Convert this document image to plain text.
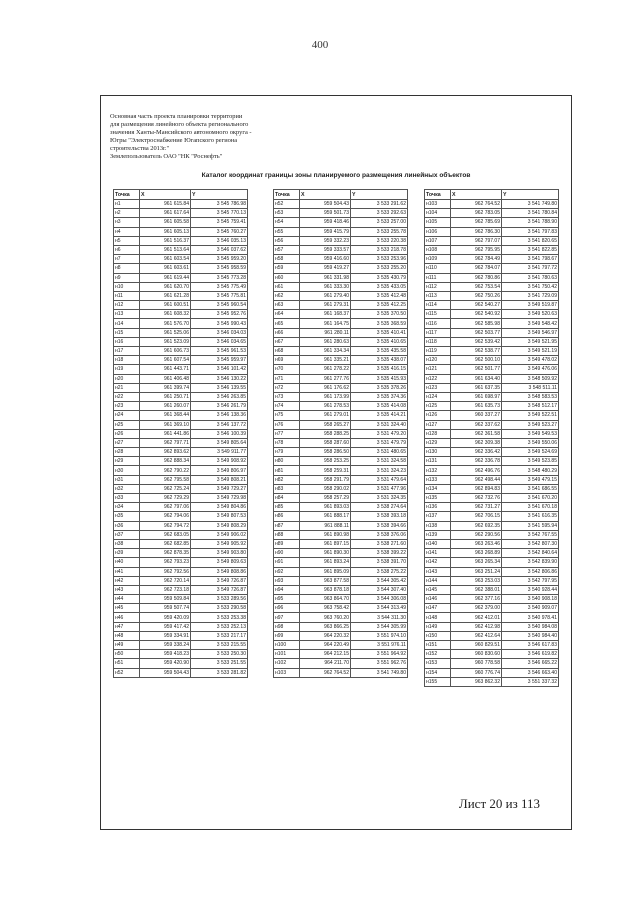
400
Основная часть проекта планировки территории
для размещения линейного объекта регионального
значения Ханты-Мансийского автономного округа -
Югры "Электроснабжение Югапского региона
строительства 2013г."
Землепользователь ОАО "НК "Роснефть"
Каталог координат границы зоны планируемого размещения линейных объектов
Точка	X	Y
н1	961 615.84	3 545 786.98
н2	961 617.64	3 545 770.13
н3	961 605.58	3 545 759.41
н4	961 605.13	3 545 760.27
н5	961 516.37	3 546 035.13
н6	961 513.64	3 546 037.62
н7	961 603.54	3 545 959.20
н8	961 603.61	3 545 958.59
н9	961 619.44	3 545 773.28
н10	961 620.70	3 545 775.49
н11	961 621.28	3 545 775.81
н12	961 600.51	3 545 960.54
н13	961 608.32	3 545 952.76
н14	961 576.70	3 545 990.43
н15	961 525.06	3 546 034.03
н16	961 523.09	3 546 034.65
н17	961 606.73	3 545 961.53
н18	961 607.54	3 545 959.97
н19	961 443.71	3 546 101.42
н20	961 406.48	3 546 130.22
н21	961 399.74	3 546 139.55
н22	961 250.71	3 546 263.85
н23	961 260.07	3 546 261.79
н24	961 368.44	3 546 138.36
н25	961 369.10	3 546 137.72
н26	961 441.86	3 546 100.39
н27	962 797.71	3 549 805.64
н28	962 893.62	3 549 911.77
н29	962 888.34	3 549 908.92
н30	962 790.22	3 549 806.97
н31	962 795.58	3 549 808.21
н32	962 725.24	3 549 729.27
н33	962 729.29	3 549 729.98
н34	962 797.06	3 549 804.86
н35	962 794.06	3 549 807.53
н36	962 794.72	3 549 808.29
н37	962 683.05	3 549 906.02
н38	962 682.85	3 549 905.92
н39	962 878.35	3 549 903.80
н40	962 793.23	3 549 809.63
н41	962 792.56	3 549 808.86
н42	962 720.14	3 549 726.87
н43	962 723.18	3 549 726.87
н44	959 509.84	3 533 289.56
н45	959 507.74	3 533 290.58
н46	959 420.09	3 533 253.38
н47	959 417.42	3 533 252.13
н48	959 334.91	3 533 217.17
н49	959 338.24	3 533 215.55
н50	959 418.23	3 533 250.30
н51	959 420.90	3 533 251.55
н52	959 504.43	3 533 281.82
Точка	X	Y
н52	959 504.43	3 533 291.62
н53	959 501.73	3 533 292.63
н54	959 418.46	3 533 257.00
н55	959 415.79	3 533 255.78
н56	959 332.23	3 533 220.38
н57	959 333.57	3 533 218.78
н58	959 416.60	3 533 253.96
н59	959 419.27	3 533 255.20
н60	961 331.98	3 535 430.79
н61	961 333.30	3 535 433.05
н62	961 279.40	3 535 412.48
н63	961 279.31	3 535 412.25
н64	961 168.37	3 535 370.50
н65	961 164.75	3 535 368.59
н66	961 280.11	3 535 410.41
н67	961 280.63	3 535 410.65
н68	961 334.34	3 535 435.58
н69	961 335.21	3 535 438.07
н70	961 278.22	3 535 416.15
н71	961 277.76	3 535 415.93
н72	961 176.62	3 535 378.26
н73	961 173.99	3 535 374.36
н74	961 278.53	3 535 414.08
н75	961 279.01	3 535 414.21
н76	958 265.27	3 531 324.40
н77	958 288.25	3 531 479.20
н78	958 287.60	3 531 479.79
н79	958 286.50	3 531 480.65
н80	958 253.25	3 531 324.58
н81	958 259.31	3 531 324.23
н82	958 291.79	3 531 479.64
н83	958 290.02	3 531 477.96
н84	958 257.29	3 531 324.35
н85	961 893.03	3 538 274.64
н86	961 888.17	3 538 393.18
н87	961 888.11	3 538 394.66
н88	961 890.98	3 538 376.06
н89	961 897.15	3 538 271.60
н90	961 890.30	3 538 399.22
н91	961 893.24	3 538 391.70
н92	961 895.09	3 538 275.22
н93	963 877.58	3 544 305.42
н94	963 878.18	3 544 307.40
н95	963 864.70	3 544 306.08
н96	963 758.42	3 544 313.49
н97	963 760.20	3 544 311.30
н98	963 866.25	3 544 305.99
н99	964 220.32	3 551 974.10
н100	964 220.49	3 551 976.11
н101	964 212.15	3 551 964.92
н102	964 211.70	3 551 962.76
н103	962 764.52	3 541 749.80
Точка	X	Y
н103	962 764.52	3 541 749.80
н104	962 783.05	3 541 780.84
н105	962 785.69	3 541 788.90
н106	962 786.30	3 541 797.83
н107	962 797.07	3 541 820.65
н108	962 795.95	3 541 822.85
н109	962 784.49	3 541 798.67
н110	962 784.07	3 541 797.72
н111	962 780.86	3 541 780.63
н112	962 753.54	3 541 750.42
н113	962 750.26	3 541 729.09
н114	962 540.27	3 549 519.87
н115	962 540.92	3 549 520.63
н116	962 585.98	3 549 548.42
н117	962 503.77	3 549 546.97
н118	962 539.42	3 549 521.95
н119	962 538.77	3 549 521.19
н120	962 500.10	3 549 478.02
н121	962 501.77	3 549 476.06
н122	961 634.40	3 548 509.92
н123	961 637.35	3 548 511.11
н124	961 698.97	3 548 583.53
н125	961 635.73	3 548 512.17
н126	960 337.27	3 549 522.51
н127	962 337.62	3 549 523.27
н128	962 361.58	3 549 549.53
н129	962 309.38	3 549 550.06
н130	962 336.42	3 549 524.69
н131	962 336.78	3 549 523.85
н132	962 496.76	3 548 480.29
н133	962 498.44	3 549 479.15
н134	962 894.83	3 541 686.55
н135	962 732.76	3 541 670.20
н136	962 731.27	3 541 670.18
н137	962 706.15	3 541 616.35
н138	962 692.35	3 541 595.94
н139	962 290.56	3 542 767.55
н140	963 263.46	3 542 807.30
н141	963 268.89	3 542 840.64
н142	963 265.34	3 542 839.90
н143	963 251.24	3 542 806.86
н144	963 253.03	3 542 797.95
н145	962 388.01	3 540 928.44
н146	962 377.16	3 540 908.18
н147	962 379.00	3 540 909.07
н148	962 412.01	3 540 978.41
н149	962 412.98	3 540 984.08
н150	962 412.64	3 540 984.40
н151	960 829.51	3 546 617.83
н152	960 830.60	3 546 619.82
н153	960 778.58	3 546 665.22
н154	960 776.74	3 546 663.40
н155	963 862.32	3 551 337.32
Лист 20 из 113
